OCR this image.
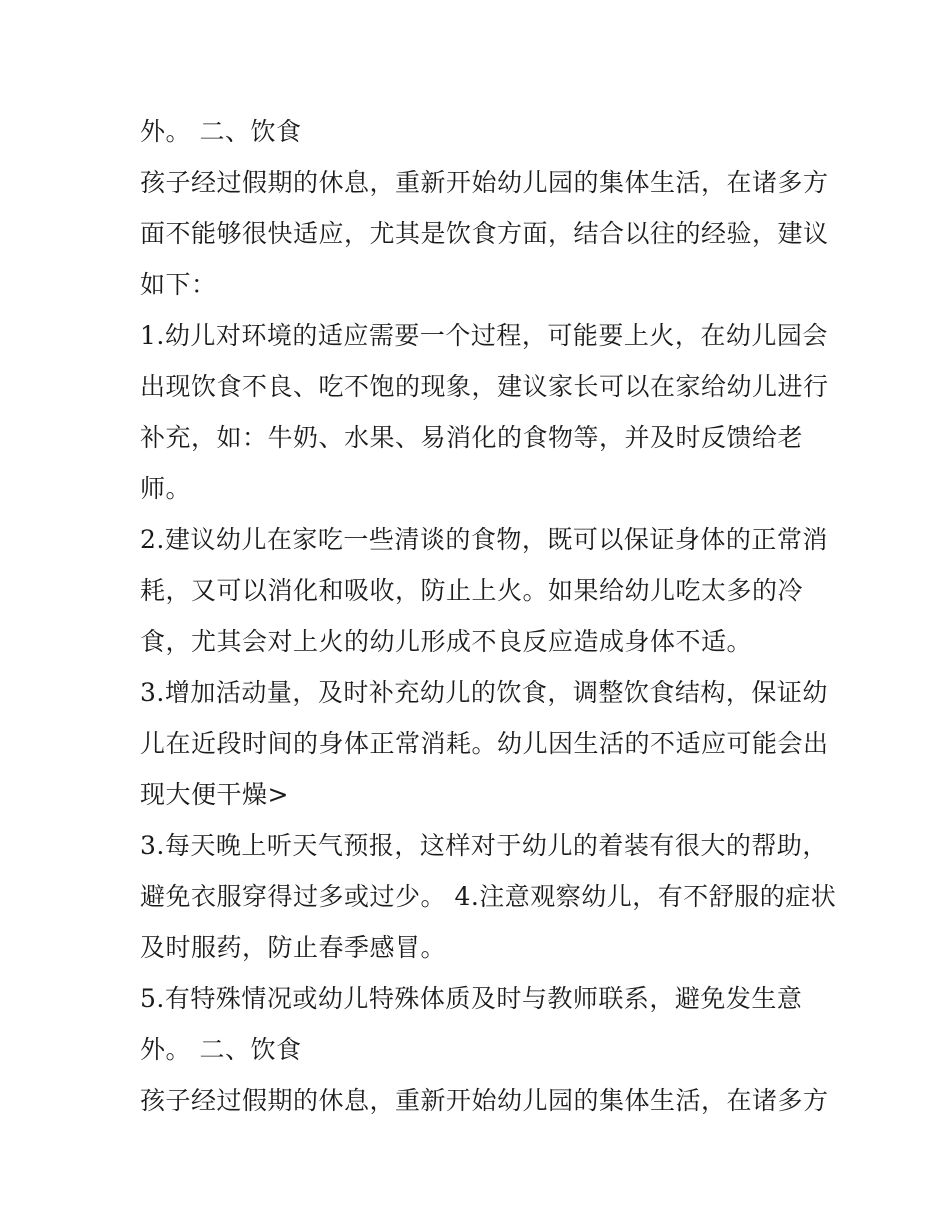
外。 二、饮食
孩子经过假期的休息，重新开始幼儿园的集体生活，在诸多方
面不能够很快适应，尤其是饮食方面，结合以往的经验，建议
如下：
1.幼儿对环境的适应需要一个过程，可能要上火，在幼儿园会
出现饮食不良、吃不饱的现象，建议家长可以在家给幼儿进行
补充，如：牛奶、水果、易消化的食物等，并及时反馈给老
师。
2.建议幼儿在家吃一些清谈的食物，既可以保证身体的正常消
耗，又可以消化和吸收，防止上火。如果给幼儿吃太多的冷
食，尤其会对上火的幼儿形成不良反应造成身体不适。
3.增加活动量，及时补充幼儿的饮食，调整饮食结构，保证幼
儿在近段时间的身体正常消耗。幼儿因生活的不适应可能会出
现大便干燥>
3.每天晚上听天气预报，这样对于幼儿的着装有很大的帮助，
避免衣服穿得过多或过少。 4.注意观察幼儿，有不舒服的症状
及时服药，防止春季感冒。
5.有特殊情况或幼儿特殊体质及时与教师联系，避免发生意
外。 二、饮食
孩子经过假期的休息，重新开始幼儿园的集体生活，在诸多方
